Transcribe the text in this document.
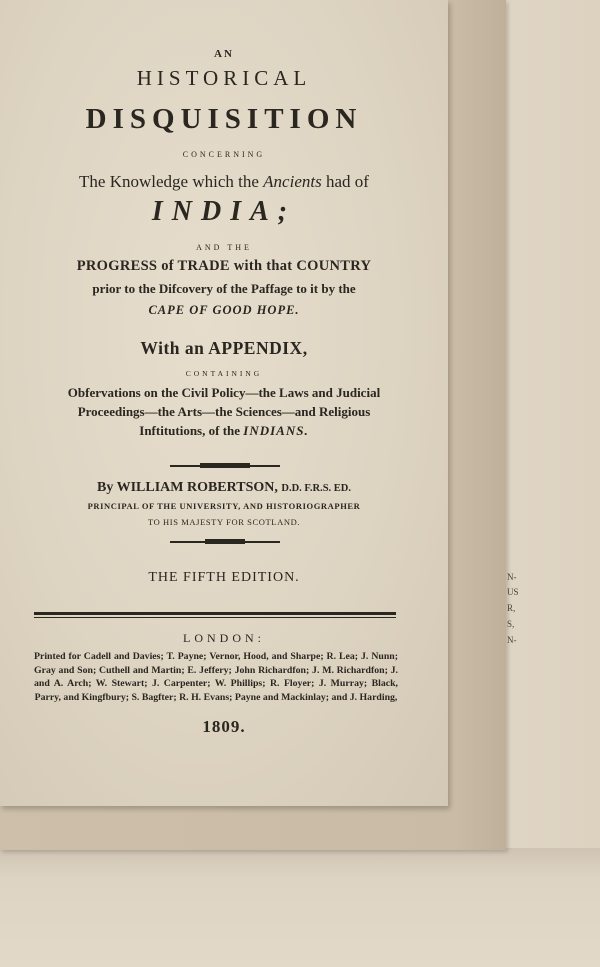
N-
US
R,
S,
N-
AN
HISTORICAL
DISQUISITION
CONCERNING
The Knowledge which the Ancients had of
INDIA;
AND THE
PROGRESS of TRADE with that COUNTRY
prior to the Difcovery of the Paffage to it by the
CAPE OF GOOD HOPE.
With an APPENDIX,
CONTAINING
Obfervations on the Civil Policy—the Laws and Judicial
Proceedings—the Arts—the Sciences—and Religious
Inftitutions, of the INDIANS.
By WILLIAM ROBERTSON, D.D. F.R.S. ED.
PRINCIPAL OF THE UNIVERSITY, AND HISTORIOGRAPHER
TO HIS MAJESTY FOR SCOTLAND.
THE FIFTH EDITION.
LONDON:
Printed for Cadell and Davies; T. Payne; Vernor, Hood, and Sharpe; R. Lea; J. Nunn; Gray and Son; Cuthell and Martin; E. Jeffery; John Richardfon; J. M. Richardfon; J. and A. Arch; W. Stewart; J. Carpenter; W. Phillips; R. Floyer; J. Murray; Black, Parry, and Kingfbury; S. Bagfter; R. H. Evans; Payne and Mackinlay; and J. Harding,
1809.
